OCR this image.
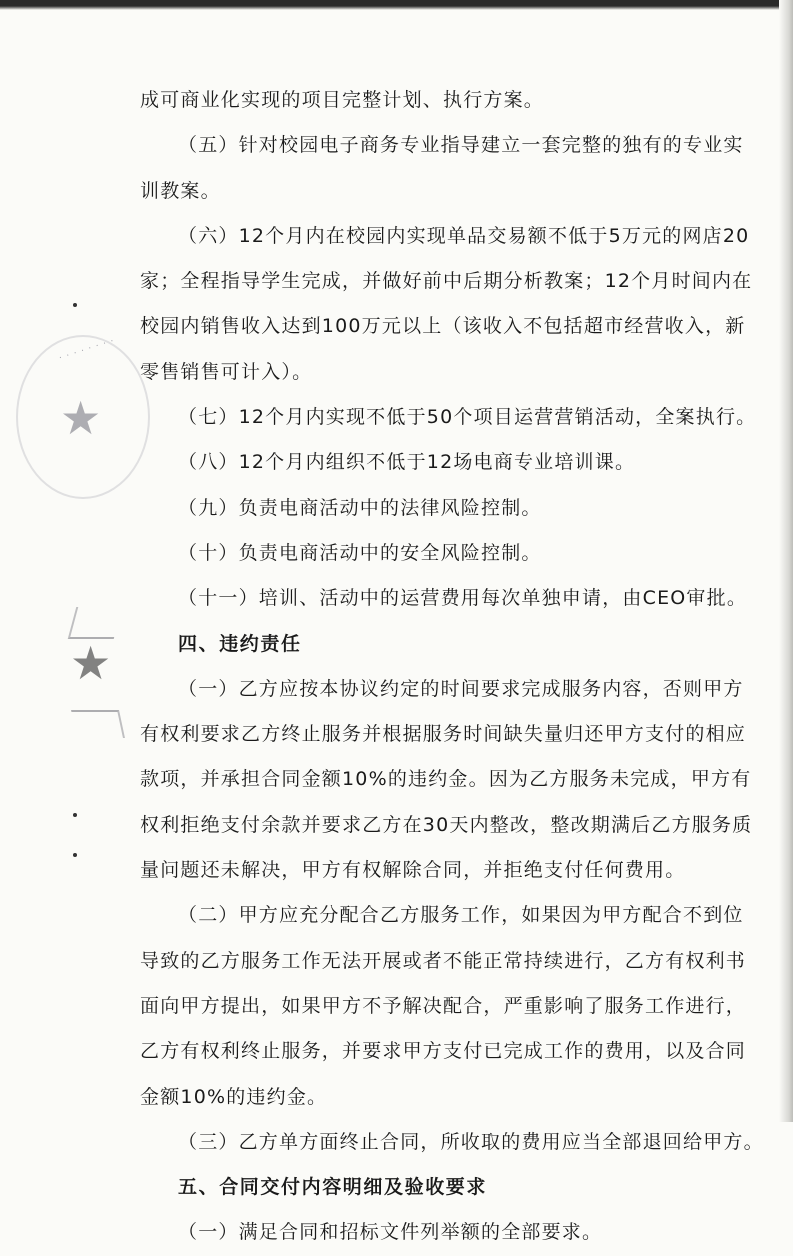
· · · · · · · ·
★
★
成可商业化实现的项目完整计划、执行方案。
（五）针对校园电子商务专业指导建立一套完整的独有的专业实
训教案。
（六）12个月内在校园内实现单品交易额不低于5万元的网店20
家；全程指导学生完成，并做好前中后期分析教案；12个月时间内在
校园内销售收入达到100万元以上（该收入不包括超市经营收入，新
零售销售可计入）。
（七）12个月内实现不低于50个项目运营营销活动，全案执行。
（八）12个月内组织不低于12场电商专业培训课。
（九）负责电商活动中的法律风险控制。
（十）负责电商活动中的安全风险控制。
（十一）培训、活动中的运营费用每次单独申请，由CEO审批。
四、违约责任
（一）乙方应按本协议约定的时间要求完成服务内容，否则甲方
有权利要求乙方终止服务并根据服务时间缺失量归还甲方支付的相应
款项，并承担合同金额10%的违约金。因为乙方服务未完成，甲方有
权利拒绝支付余款并要求乙方在30天内整改，整改期满后乙方服务质
量问题还未解决，甲方有权解除合同，并拒绝支付任何费用。
（二）甲方应充分配合乙方服务工作，如果因为甲方配合不到位
导致的乙方服务工作无法开展或者不能正常持续进行，乙方有权利书
面向甲方提出，如果甲方不予解决配合，严重影响了服务工作进行，
乙方有权利终止服务，并要求甲方支付已完成工作的费用，以及合同
金额10%的违约金。
（三）乙方单方面终止合同，所收取的费用应当全部退回给甲方。
五、合同交付内容明细及验收要求
（一）满足合同和招标文件列举额的全部要求。
